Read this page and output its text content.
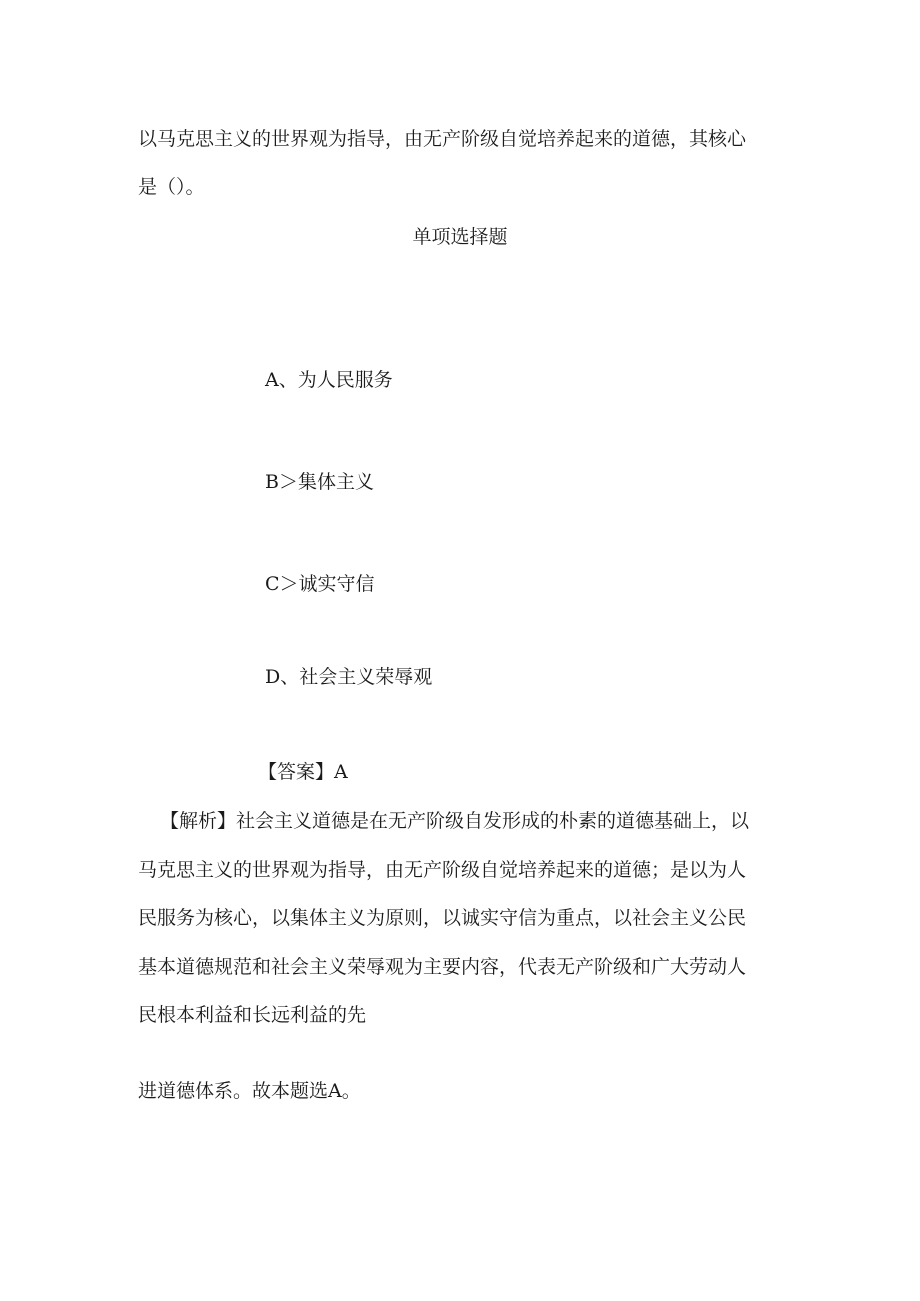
以马克思主义的世界观为指导，由无产阶级自觉培养起来的道德，其核心
是（）。
单项选择题
A、为人民服务
B＞集体主义
C＞诚实守信
D、社会主义荣辱观
【答案】A
【解析】社会主义道德是在无产阶级自发形成的朴素的道德基础上，以
马克思主义的世界观为指导，由无产阶级自觉培养起来的道德；是以为人
民服务为核心，以集体主义为原则，以诚实守信为重点，以社会主义公民
基本道德规范和社会主义荣辱观为主要内容，代表无产阶级和广大劳动人
民根本利益和长远利益的先
进道德体系。故本题选A。
